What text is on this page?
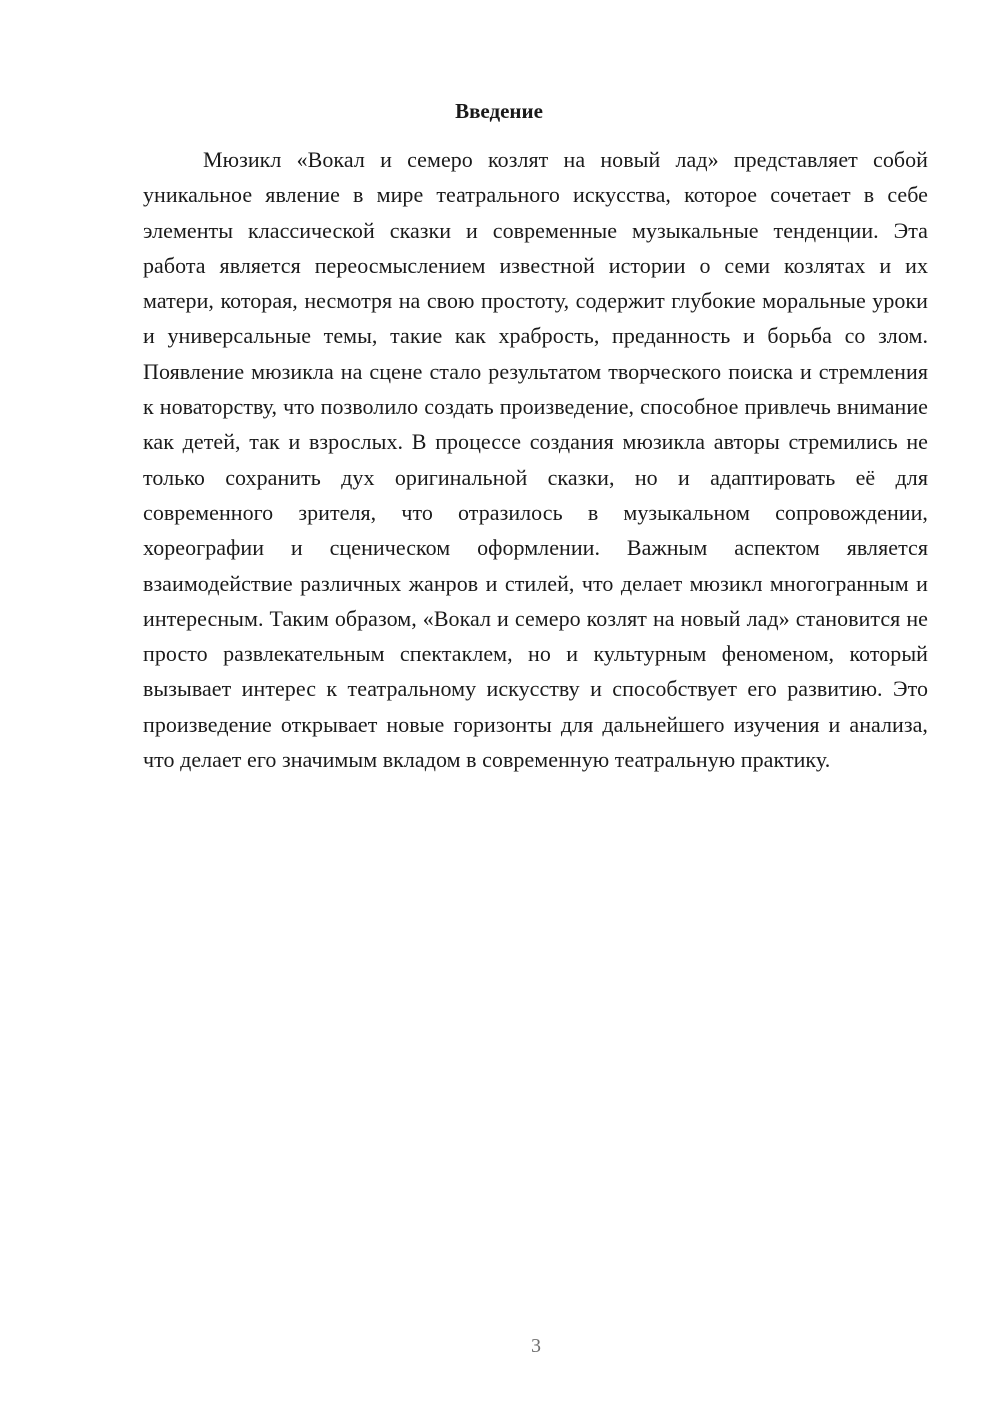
Введение

Мюзикл «Вокал и семеро козлят на новый лад» представляет собой уникальное явление в мире театрального искусства, которое сочетает в себе элементы классической сказки и современные музыкальные тенденции. Эта работа является переосмыслением известной истории о семи козлятах и их матери, которая, несмотря на свою простоту, содержит глубокие моральные уроки и универсальные темы, такие как храбрость, преданность и борьба со злом. Появление мюзикла на сцене стало результатом творческого поиска и стремления к новаторству, что позволило создать произведение, способное привлечь внимание как детей, так и взрослых. В процессе создания мюзикла авторы стремились не только сохранить дух оригинальной сказки, но и адаптировать её для современного зрителя, что отразилось в музыкальном сопровождении, хореографии и сценическом оформлении. Важным аспектом является взаимодействие различных жанров и стилей, что делает мюзикл многогранным и интересным. Таким образом, «Вокал и семеро козлят на новый лад» становится не просто развлекательным спектаклем, но и культурным феноменом, который вызывает интерес к театральному искусству и способствует его развитию. Это произведение открывает новые горизонты для дальнейшего изучения и анализа, что делает его значимым вкладом в современную театральную практику.

3
